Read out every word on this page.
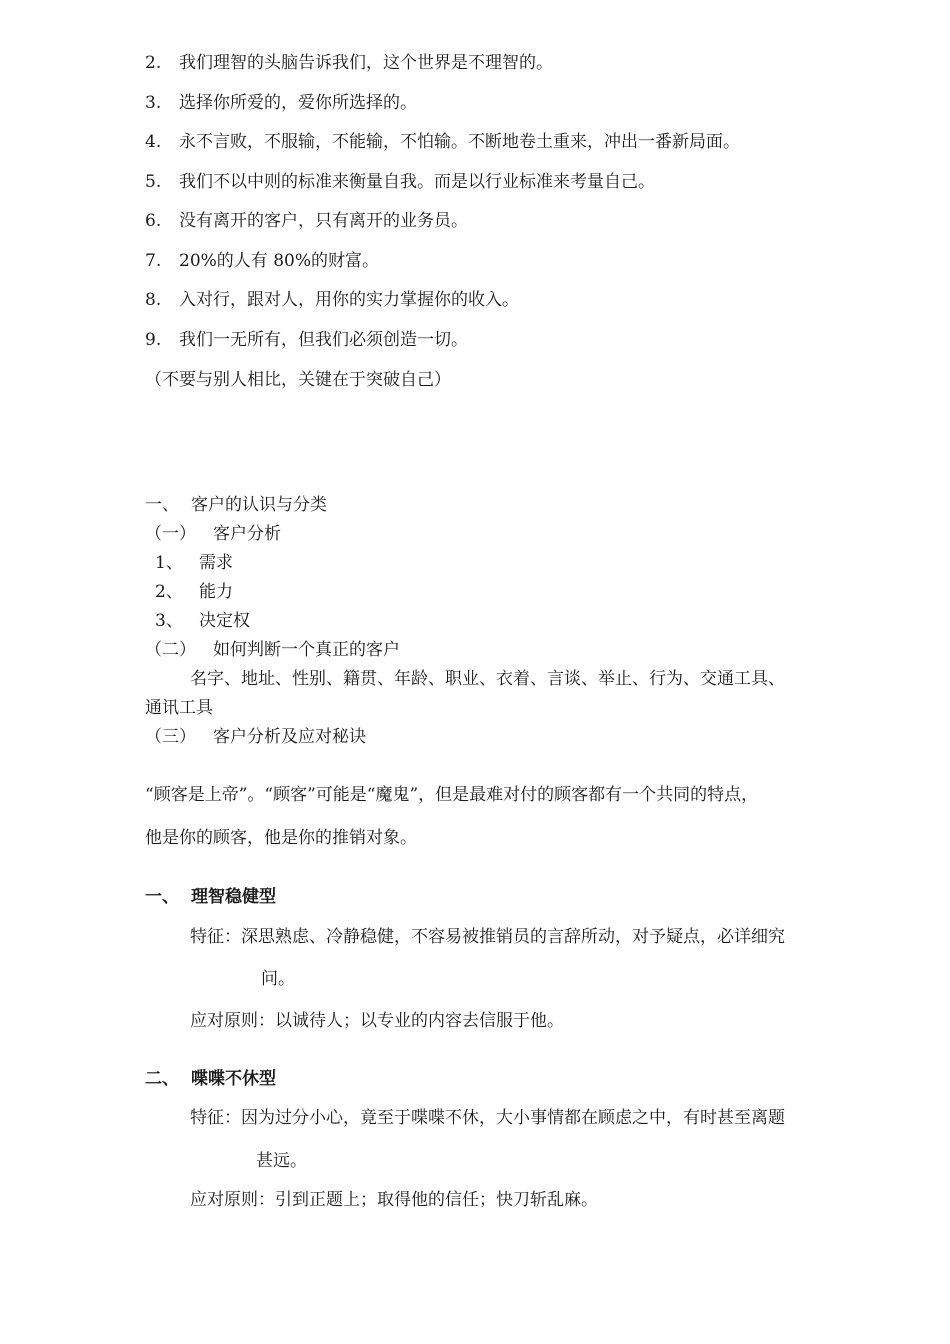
2. 我们理智的头脑告诉我们，这个世界是不理智的。
3. 选择你所爱的，爱你所选择的。
4. 永不言败，不服输，不能输，不怕输。不断地卷土重来，冲出一番新局面。
5. 我们不以中则的标准来衡量自我。而是以行业标准来考量自己。
6. 没有离开的客户，只有离开的业务员。
7. 20%的人有 80%的财富。
8. 入对行，跟对人，用你的实力掌握你的收入。
9. 我们一无所有，但我们必须创造一切。
（不要与别人相比，关键在于突破自己）
一、 客户的认识与分类
（一） 客户分析
1、 需求
2、 能力
3、 决定权
（二） 如何判断一个真正的客户
名字、地址、性别、籍贯、年龄、职业、衣着、言谈、举止、行为、交通工具、
通讯工具
（三） 客户分析及应对秘诀
“顾客是上帝”。“顾客”可能是“魔鬼”，但是最难对付的顾客都有一个共同的特点，
他是你的顾客，他是你的推销对象。
一、 理智稳健型
特征：深思熟虑、冷静稳健，不容易被推销员的言辞所动，对予疑点，必详细究
问。
应对原则：以诚待人；以专业的内容去信服于他。
二、 喋喋不休型
特征：因为过分小心，竟至于喋喋不休，大小事情都在顾虑之中，有时甚至离题
甚远。
应对原则：引到正题上；取得他的信任；快刀斩乱麻。
